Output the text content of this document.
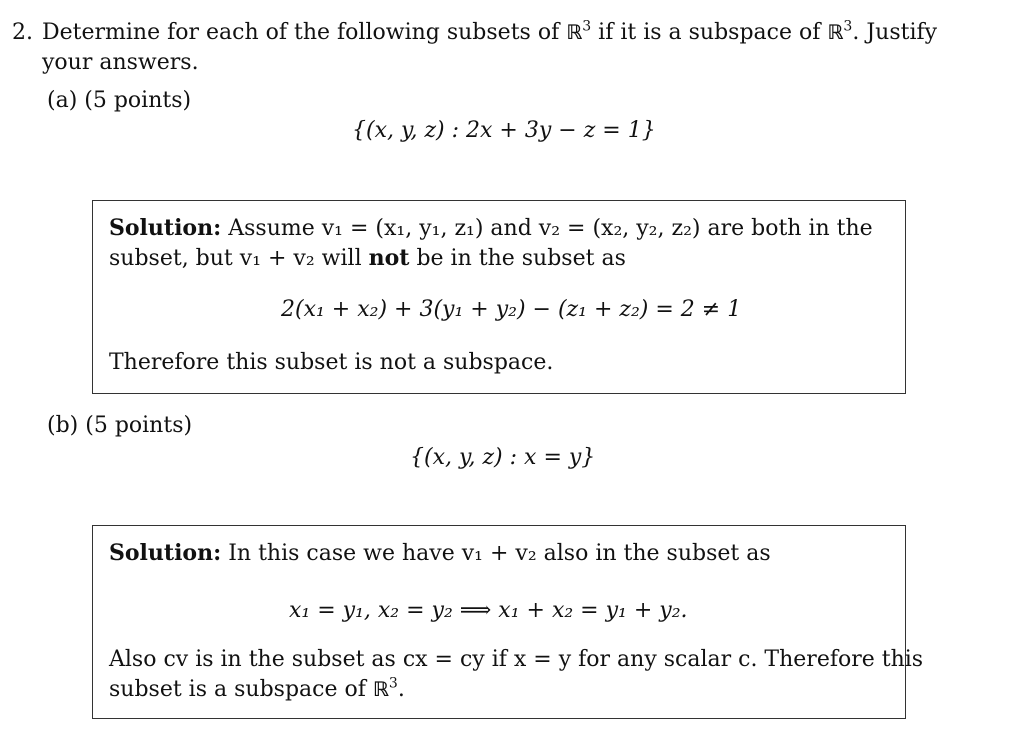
2. Determine for each of the following subsets of ℝ$^3$ if it is a subspace of ℝ$^3$. Justify
your answers.
(a) (5 points)
{(x, y, z) : 2x + 3y − z = 1}
Solution: Assume v₁ = (x₁, y₁, z₁) and v₂ = (x₂, y₂, z₂) are both in the
subset, but v₁ + v₂ will not be in the subset as
2(x₁ + x₂) + 3(y₁ + y₂) − (z₁ + z₂) = 2 ≠ 1
Therefore this subset is not a subspace.
(b) (5 points)
{(x, y, z) : x = y}
Solution: In this case we have v₁ + v₂ also in the subset as
x₁ = y₁, x₂ = y₂ ⟹ x₁ + x₂ = y₁ + y₂.
Also cv is in the subset as cx = cy if x = y for any scalar c. Therefore this
subset is a subspace of ℝ$^3$.
